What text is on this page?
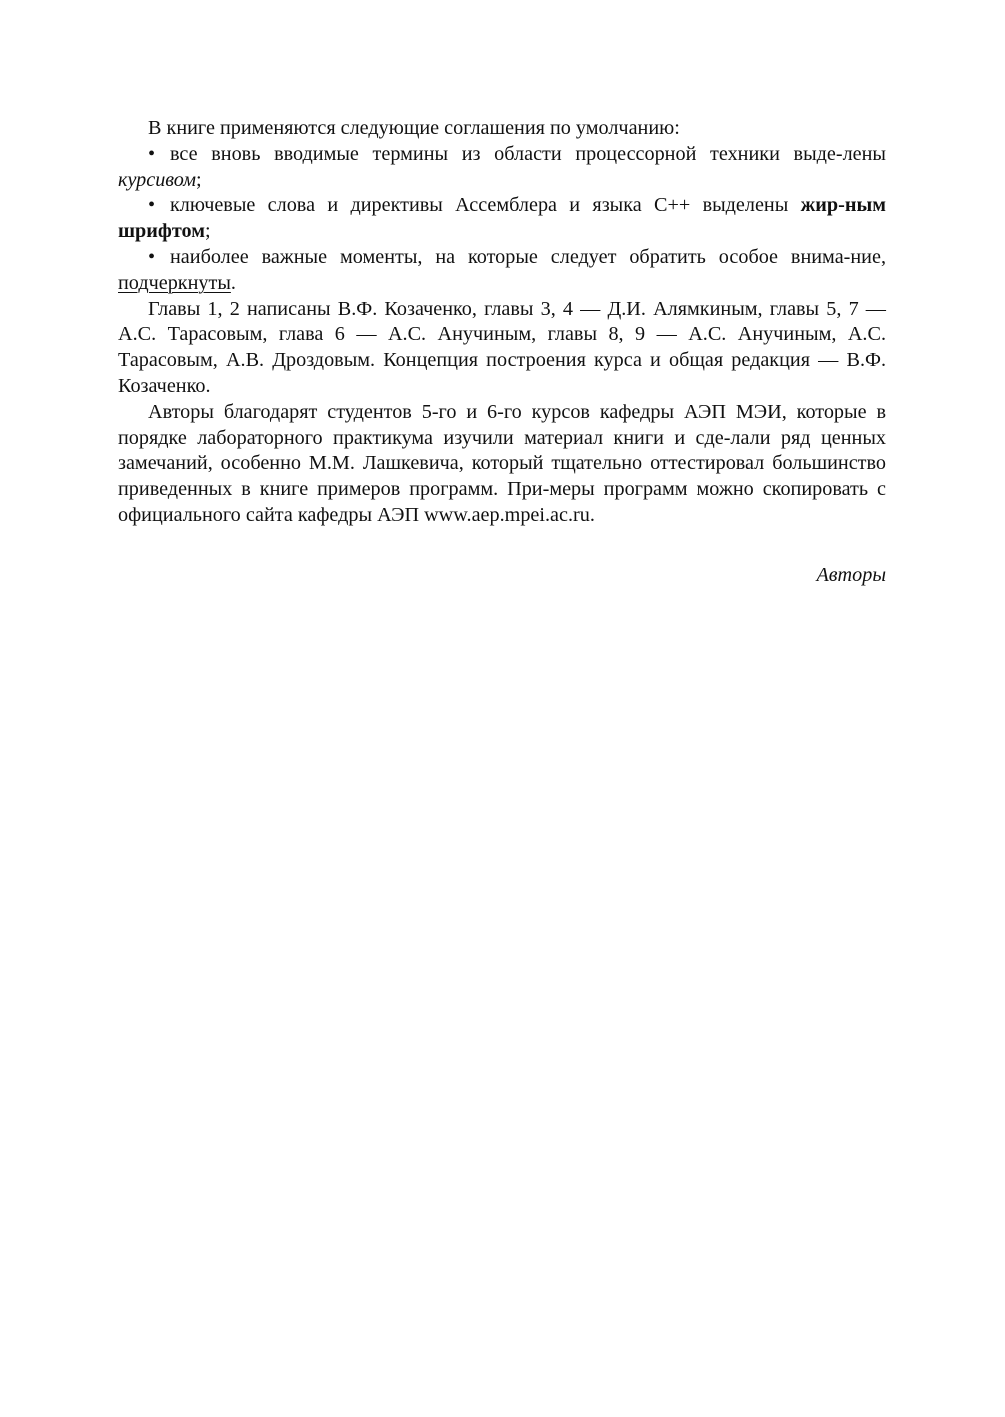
В книге применяются следующие соглашения по умолчанию:

• все вновь вводимые термины из области процессорной техники выде-лены курсивом;

• ключевые слова и директивы Ассемблера и языка С++ выделены жир-ным шрифтом;

• наиболее важные моменты, на которые следует обратить особое внима-ние, подчеркнуты.

Главы 1, 2 написаны В.Ф. Козаченко, главы 3, 4 — Д.И. Алямкиным, главы 5, 7 — А.С. Тарасовым, глава 6 — А.С. Анучиным, главы 8, 9 — А.С. Анучиным, А.С. Тарасовым, А.В. Дроздовым. Концепция построения курса и общая редакция — В.Ф. Козаченко.

Авторы благодарят студентов 5-го и 6-го курсов кафедры АЭП МЭИ, которые в порядке лабораторного практикума изучили материал книги и сде-лали ряд ценных замечаний, особенно М.М. Лашкевича, который тщательно оттестировал большинство приведенных в книге примеров программ. При-меры программ можно скопировать с официального сайта кафедры АЭП www.aep.mpei.ac.ru.

Авторы
